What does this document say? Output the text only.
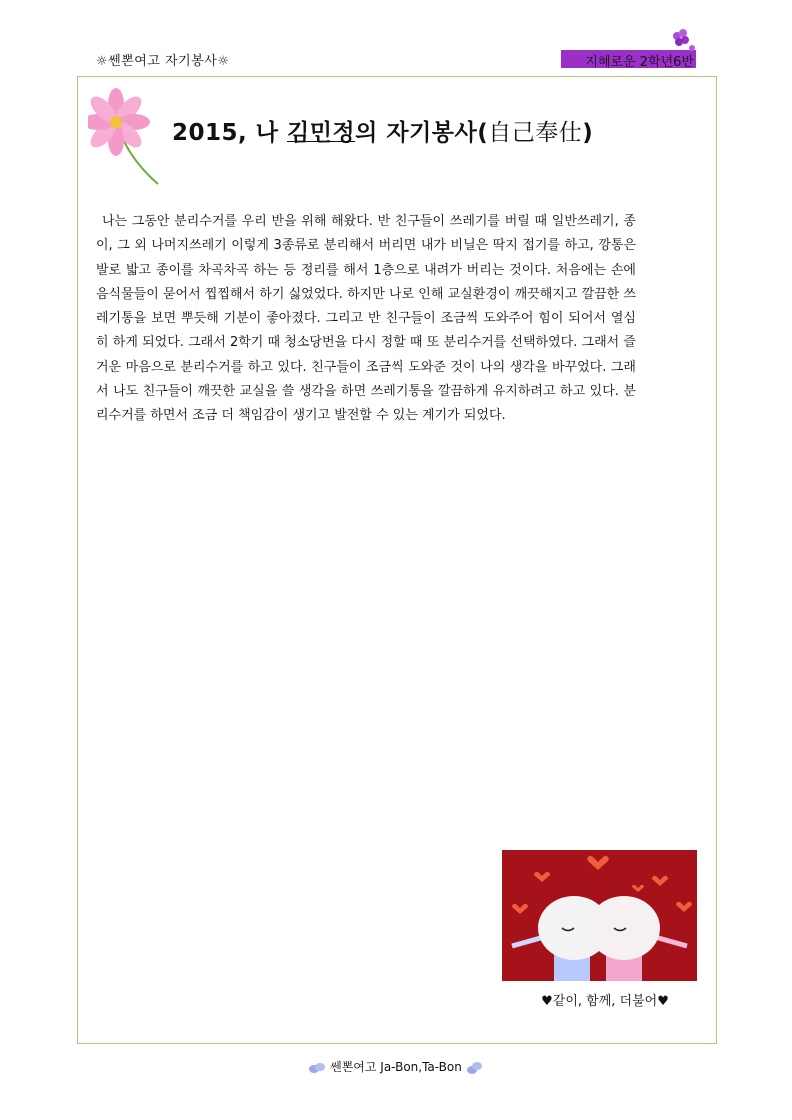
☼쎈뽄여고 자기봉사☼	지혜로운 2학년6반
2015, 나 김민정의 자기봉사(自己奉仕)

나는 그동안 분리수거를 우리 반을 위해 해왔다. 반 친구들이 쓰레기를 버릴 때 일반쓰레기, 종이, 그 외 나머지쓰레기 이렇게 3종류로 분리해서 버리면 내가 비닐은 딱지 접기를 하고, 깡통은 발로 밟고 종이를 차곡차곡 하는 등 정리를 해서 1층으로 내려가 버리는 것이다. 처음에는 손에 음식물들이 묻어서 찝찝해서 하기 싫었었다. 하지만 나로 인해 교실환경이 깨끗해지고 깔끔한 쓰레기통을 보면 뿌듯해 기분이 좋아졌다. 그리고 반 친구들이 조금씩 도와주어 힘이 되어서 열심히 하게 되었다. 그래서 2학기 때 청소당번을 다시 정할 때 또 분리수거를 선택하였다. 그래서 즐거운 마음으로 분리수거를 하고 있다. 친구들이 조금씩 도와준 것이 나의 생각을 바꾸었다. 그래서 나도 친구들이 깨끗한 교실을 쓸 생각을 하면 쓰레기통을 깔끔하게 유지하려고 하고 있다. 분리수거를 하면서 조금 더 책임감이 생기고 발전할 수 있는 계기가 되었다.

♥같이, 함께, 더불어♥
쎈뽄여고 Ja-Bon,Ta-Bon
